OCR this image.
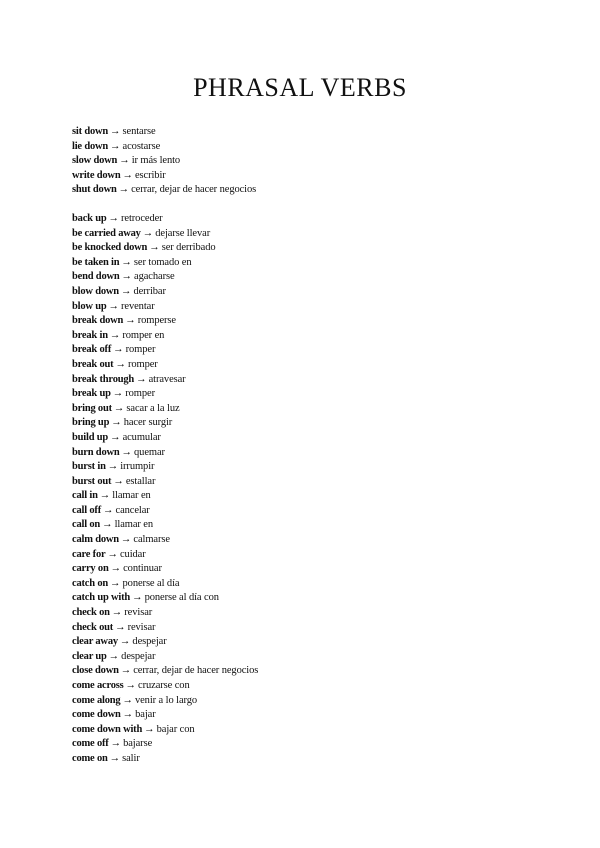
PHRASAL VERBS
sit down → sentarse
lie down → acostarse
slow down → ir más lento
write down → escribir
shut down → cerrar, dejar de hacer negocios
back up → retroceder
be carried away → dejarse llevar
be knocked down → ser derribado
be taken in → ser tomado en
bend down → agacharse
blow down → derribar
blow up → reventar
break down → romperse
break in → romper en
break off → romper
break out → romper
break through → atravesar
break up → romper
bring out → sacar a la luz
bring up → hacer surgir
build up → acumular
burn down → quemar
burst in → irrumpir
burst out → estallar
call in → llamar en
call off → cancelar
call on → llamar en
calm down → calmarse
care for → cuidar
carry on → continuar
catch on → ponerse al día
catch up with → ponerse al día con
check on → revisar
check out → revisar
clear away → despejar
clear up → despejar
close down → cerrar, dejar de hacer negocios
come across → cruzarse con
come along → venir a lo largo
come down → bajar
come down with → bajar con
come off → bajarse
come on → salir
